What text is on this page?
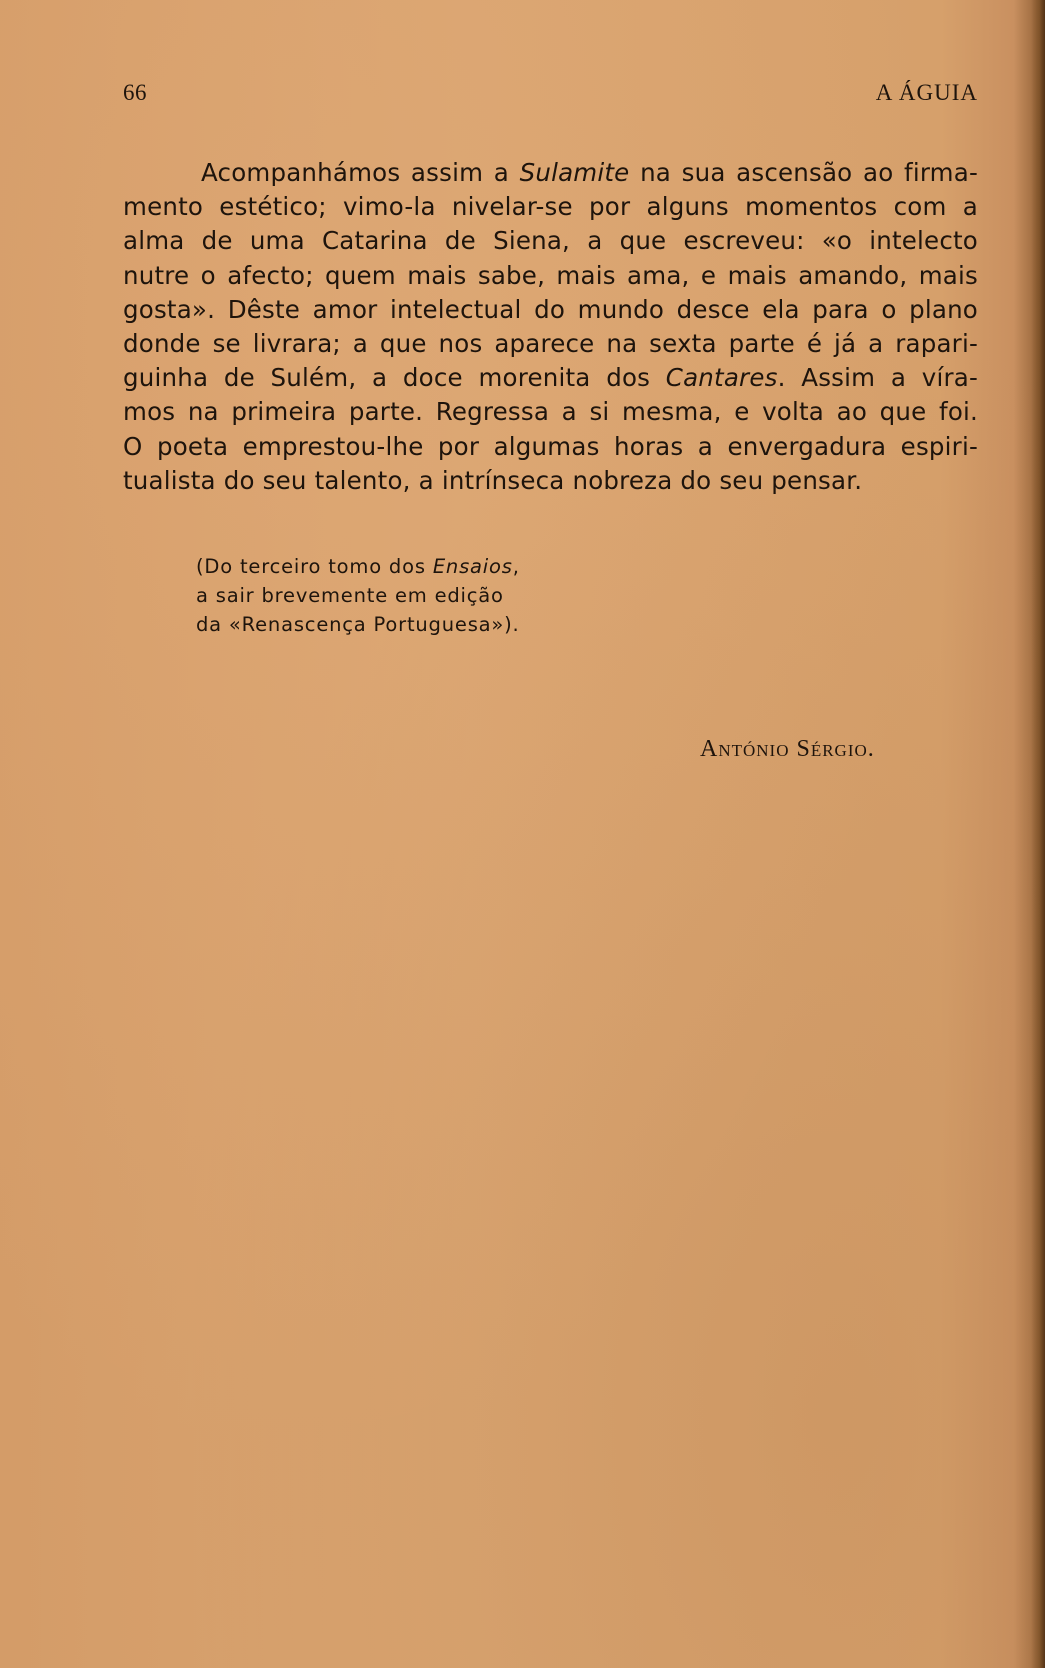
66	A ÁGUIA
Acompanhámos assim a Sulamite na sua ascensão ao firma-
mento estético; vimo-la nivelar-se por alguns momentos com a
alma de uma Catarina de Siena, a que escreveu: «o intelecto
nutre o afecto; quem mais sabe, mais ama, e mais amando, mais
gosta». Dêste amor intelectual do mundo desce ela para o plano
donde se livrara; a que nos aparece na sexta parte é já a rapari-
guinha de Sulém, a doce morenita dos Cantares. Assim a víra-
mos na primeira parte. Regressa a si mesma, e volta ao que foi.
O poeta emprestou-lhe por algumas horas a envergadura espiri-
tualista do seu talento, a intrínseca nobreza do seu pensar.
(Do terceiro tomo dos Ensaios,
a sair brevemente em edição
da «Renascença Portuguesa»).
António Sérgio.
